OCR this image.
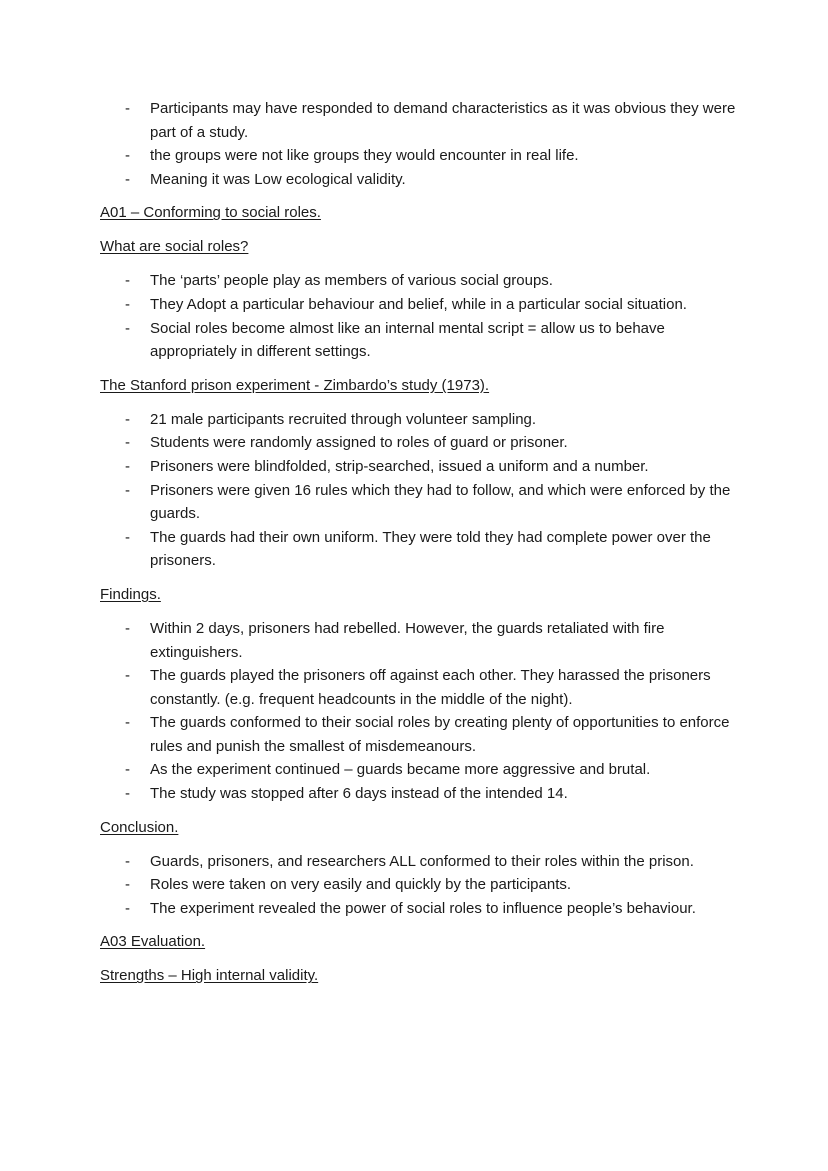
- Participants may have responded to demand characteristics as it was obvious they were part of a study.
- the groups were not like groups they would encounter in real life.
- Meaning it was Low ecological validity.
A01 – Conforming to social roles.
What are social roles?
- The ‘parts’ people play as members of various social groups.
- They Adopt a particular behaviour and belief, while in a particular social situation.
- Social roles become almost like an internal mental script = allow us to behave appropriately in different settings.
The Stanford prison experiment - Zimbardo’s study (1973).
- 21 male participants recruited through volunteer sampling.
- Students were randomly assigned to roles of guard or prisoner.
- Prisoners were blindfolded, strip-searched, issued a uniform and a number.
- Prisoners were given 16 rules which they had to follow, and which were enforced by the guards.
- The guards had their own uniform. They were told they had complete power over the prisoners.
Findings.
- Within 2 days, prisoners had rebelled. However, the guards retaliated with fire extinguishers.
- The guards played the prisoners off against each other. They harassed the prisoners constantly. (e.g. frequent headcounts in the middle of the night).
- The guards conformed to their social roles by creating plenty of opportunities to enforce rules and punish the smallest of misdemeanours.
- As the experiment continued – guards became more aggressive and brutal.
- The study was stopped after 6 days instead of the intended 14.
Conclusion.
- Guards, prisoners, and researchers ALL conformed to their roles within the prison.
- Roles were taken on very easily and quickly by the participants.
- The experiment revealed the power of social roles to influence people’s behaviour.
A03 Evaluation.
Strengths – High internal validity.
